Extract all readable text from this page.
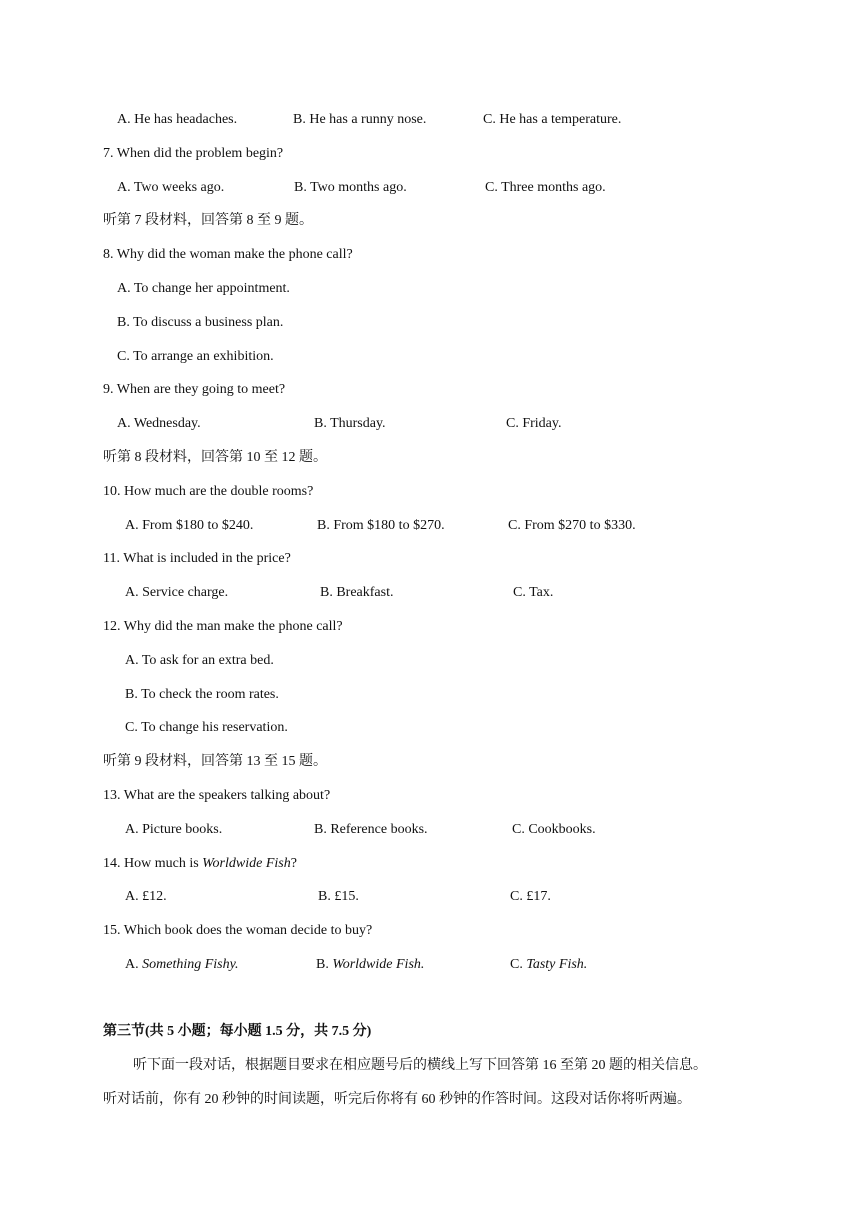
A. He has headaches.	B. He has a runny nose.	C. He has a temperature.
7. When did the problem begin?
A. Two weeks ago.	B. Two months ago.	C. Three months ago.
听第 7 段材料，回答第 8 至 9 题。
8. Why did the woman make the phone call?
A. To change her appointment.
B. To discuss a business plan.
C. To arrange an exhibition.
9. When are they going to meet?
A. Wednesday.	B. Thursday.	C. Friday.
听第 8 段材料，回答第 10 至 12 题。
10. How much are the double rooms?
A. From $180 to $240.	B. From $180 to $270.	C. From $270 to $330.
11. What is included in the price?
A. Service charge.	B. Breakfast.	C. Tax.
12. Why did the man make the phone call?
A. To ask for an extra bed.
B. To check the room rates.
C. To change his reservation.
听第 9 段材料，回答第 13 至 15 题。
13. What are the speakers talking about?
A. Picture books.	B. Reference books.	C. Cookbooks.
14. How much is Worldwide Fish?
A. £12.	B. £15.	C. £17.
15. Which book does the woman decide to buy?
A. Something Fishy.	B. Worldwide Fish.	C. Tasty Fish.
第三节(共 5 小题；每小题 1.5 分，共 7.5 分)
听下面一段对话，根据题目要求在相应题号后的横线上写下回答第 16 至第 20 题的相关信息。
听对话前，你有 20 秒钟的时间读题，听完后你将有 60 秒钟的作答时间。这段对话你将听两遍。
